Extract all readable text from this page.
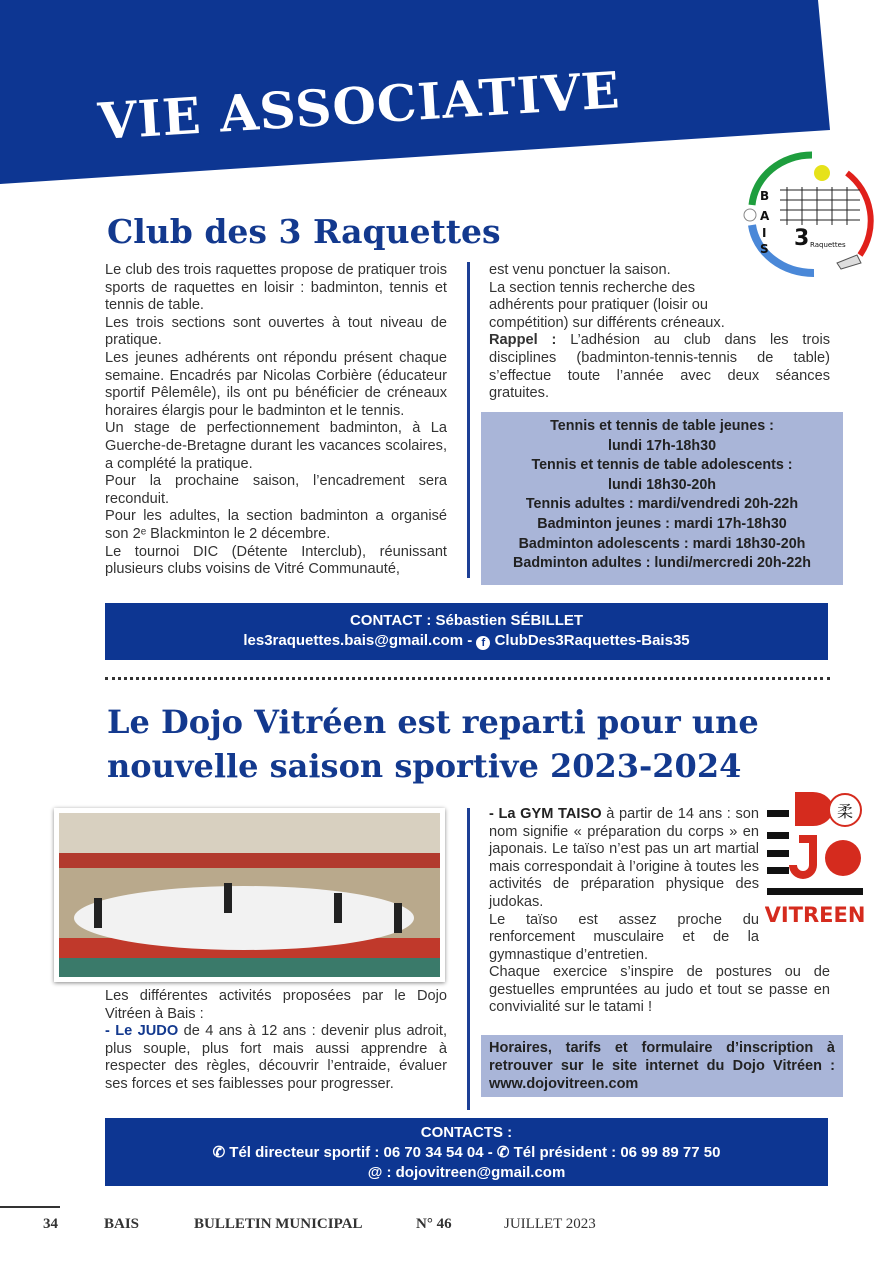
VIE ASSOCIATIVE
B
A
I
S 3 Raquettes
Club des 3 Raquettes

Le club des trois raquettes propose de pratiquer trois sports de raquettes en loisir : badminton, tennis et tennis de table.

Les trois sections sont ouvertes à tout niveau de pratique.

Les jeunes adhérents ont répondu présent chaque semaine. Encadrés par Nicolas Corbière (éducateur sportif Pêlemêle), ils ont pu bénéficier de créneaux horaires élargis pour le badminton et le tennis.

Un stage de perfectionnement badminton, à La Guerche-de-Bretagne durant les vacances scolaires, a complété la pratique.

Pour la prochaine saison, l’encadrement sera reconduit.

Pour les adultes, la section badminton a organisé son 2ᵉ Blackminton le 2 décembre.

Le tournoi DIC (Détente Interclub), réunissant plusieurs clubs voisins de Vitré Communauté,

est venu ponctuer la saison.

La section tennis recherche des adhérents pour pratiquer (loisir ou compétition) sur différents créneaux.

Rappel : L’adhésion au club dans les trois disciplines (badminton-tennis-tennis de table) s’effectue toute l’année avec deux séances gratuites.

Tennis et tennis de table jeunes :
lundi 17h-18h30
Tennis et tennis de table adolescents :
lundi 18h30-20h
Tennis adultes : mardi/vendredi 20h-22h
Badminton jeunes : mardi 17h-18h30
Badminton adolescents : mardi 18h30-20h
Badminton adultes : lundi/mercredi 20h-22h
CONTACT : Sébastien SÉBILLET
les3raquettes.bais@gmail.com - f ClubDes3Raquettes-Bais35
Le Dojo Vitréen est reparti pour une
nouvelle saison sportive 2023-2024

Les différentes activités proposées par le Dojo Vitréen à Bais :

- Le JUDO de 4 ans à 12 ans : devenir plus adroit, plus souple, plus fort mais aussi apprendre à respecter des règles, découvrir l’entraide, évaluer ses forces et ses faiblesses pour progresser.

- La GYM TAISO à partir de 14 ans : son nom signifie « préparation du corps » en japonais. Le taïso n’est pas un art martial mais correspondait à l’origine à toutes les activités de préparation physique des judokas.

Le taïso est assez proche du renforcement musculaire et de la gymnastique d’entretien.

Chaque exercice s’inspire de postures ou de gestuelles empruntées au judo et tout se passe en convivialité sur le tatami !

柔
VITREEN
Horaires, tarifs et formulaire d’inscription à retrouver sur le site internet du Dojo Vitréen : www.dojovitreen.com
CONTACTS :
✆ Tél directeur sportif : 06 70 34 54 04 - ✆ Tél président : 06 99 89 77 50
@ : dojovitreen@gmail.com
34	BAIS	BULLETIN MUNICIPAL	N° 46	JUILLET 2023
